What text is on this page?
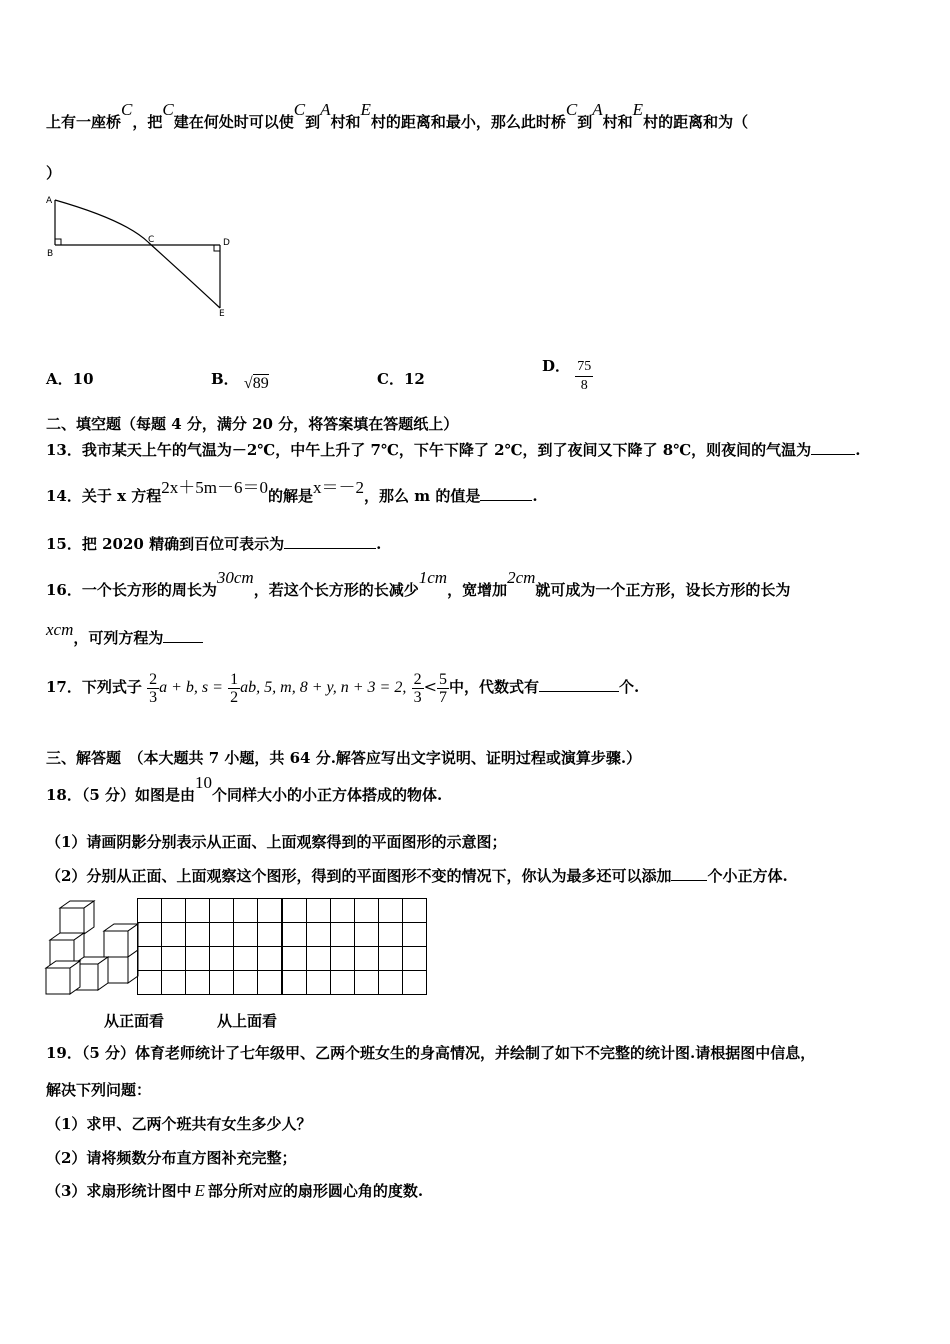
上有一座桥C，把C建在何处时可以使C到A村和E村的距离和最小，那么此时桥C到A村和E村的距离和为（
）
A
B
C	D
E
A．10	B． √89	C．12
D． $\frac{75}{8}$
二、填空题（每题 4 分，满分 20 分，将答案填在答题纸上）
13．我市某天上午的气温为－2℃，中午上升了 7℃，下午下降了 2℃，到了夜间又下降了 8℃，则夜间的气温为	.
14．关于 x 方程2x＋5m－6＝0的解是x＝－2，那么 m 的值是	.
15．把 2020 精确到百位可表示为	.
16．一个长方形的周长为30cm，若这个长方形的长减少1cm，宽增加2cm就可成为一个正方形，设长方形的长为
xcm，可列方程为
17．下列式子 $\frac{2}{3}$ a + b, $s = \frac{1}{2}$ ab, 5, m, 8 + y, n + 3 = 2, $\frac{2}{3} < \frac{5}{7}$ 中，代数式有	个.
三、解答题　（本大题共 7 小题，共 64 分.解答应写出文字说明、证明过程或演算步骤.）
18．（5 分）如图是由10个同样大小的小正方体搭成的物体.
（1）请画阴影分别表示从正面、上面观察得到的平面图形的示意图；
（2）分别从正面、上面观察这个图形，得到的平面图形不变的情况下，你认为最多还可以添加 个小正方体.
从正面看	从上面看
19．（5 分）体育老师统计了七年级甲、乙两个班女生的身高情况，并绘制了如下不完整的统计图.请根据图中信息，
解决下列问题：
（1）求甲、乙两个班共有女生多少人？
（2）请将频数分布直方图补充完整；
（3）求扇形统计图中 E 部分所对应的扇形圆心角的度数.
